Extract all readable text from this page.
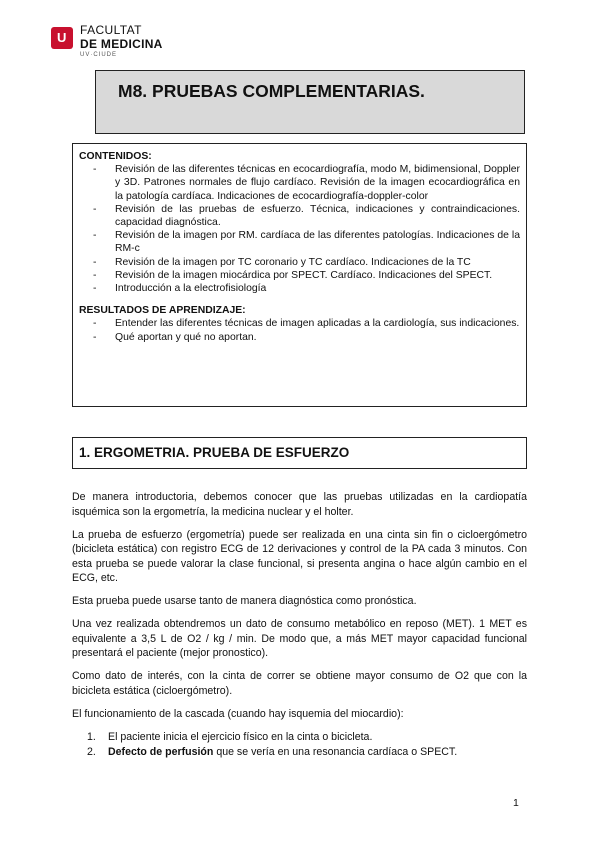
U FACULTAT
DE MEDICINA
UV·CIUDE
M8. PRUEBAS COMPLEMENTARIAS.

CONTENIDOS:

- Revisión de las diferentes técnicas en ecocardiografía, modo M, bidimensional, Doppler y 3D. Patrones normales de flujo cardíaco. Revisión de la imagen ecocardiográfica en la patología cardíaca. Indicaciones de ecocardiografía-doppler-color
- Revisión de las pruebas de esfuerzo. Técnica, indicaciones y contraindicaciones. capacidad diagnóstica.
- Revisión de la imagen por RM. cardíaca de las diferentes patologías. Indicaciones de la RM-c
- Revisión de la imagen por TC coronario y TC cardíaco. Indicaciones de la TC
- Revisión de la imagen miocárdica por SPECT. Cardíaco. Indicaciones del SPECT.
- Introducción a la electrofisiología

RESULTADOS DE APRENDIZAJE:

- Entender las diferentes técnicas de imagen aplicadas a la cardiología, sus indicaciones.
- Qué aportan y qué no aportan.
1. ERGOMETRIA. PRUEBA DE ESFUERZO

De manera introductoria, debemos conocer que las pruebas utilizadas en la cardiopatía isquémica son la ergometría, la medicina nuclear y el holter.

La prueba de esfuerzo (ergometría) puede ser realizada en una cinta sin fin o cicloergómetro (bicicleta estática) con registro ECG de 12 derivaciones y control de la PA cada 3 minutos. Con esta prueba se puede valorar la clase funcional, si presenta angina o hace algún cambio en el ECG, etc.

Esta prueba puede usarse tanto de manera diagnóstica como pronóstica.

Una vez realizada obtendremos un dato de consumo metabólico en reposo (MET). 1 MET es equivalente a 3,5 L de O2 / kg / min. De modo que, a más MET mayor capacidad funcional presentará el paciente (mejor pronostico).

Como dato de interés, con la cinta de correr se obtiene mayor consumo de O2 que con la bicicleta estática (cicloergómetro).

El funcionamiento de la cascada (cuando hay isquemia del miocardio):

1. El paciente inicia el ejercicio físico en la cinta o bicicleta.
2. Defecto de perfusión que se vería en una resonancia cardíaca o SPECT.
1
